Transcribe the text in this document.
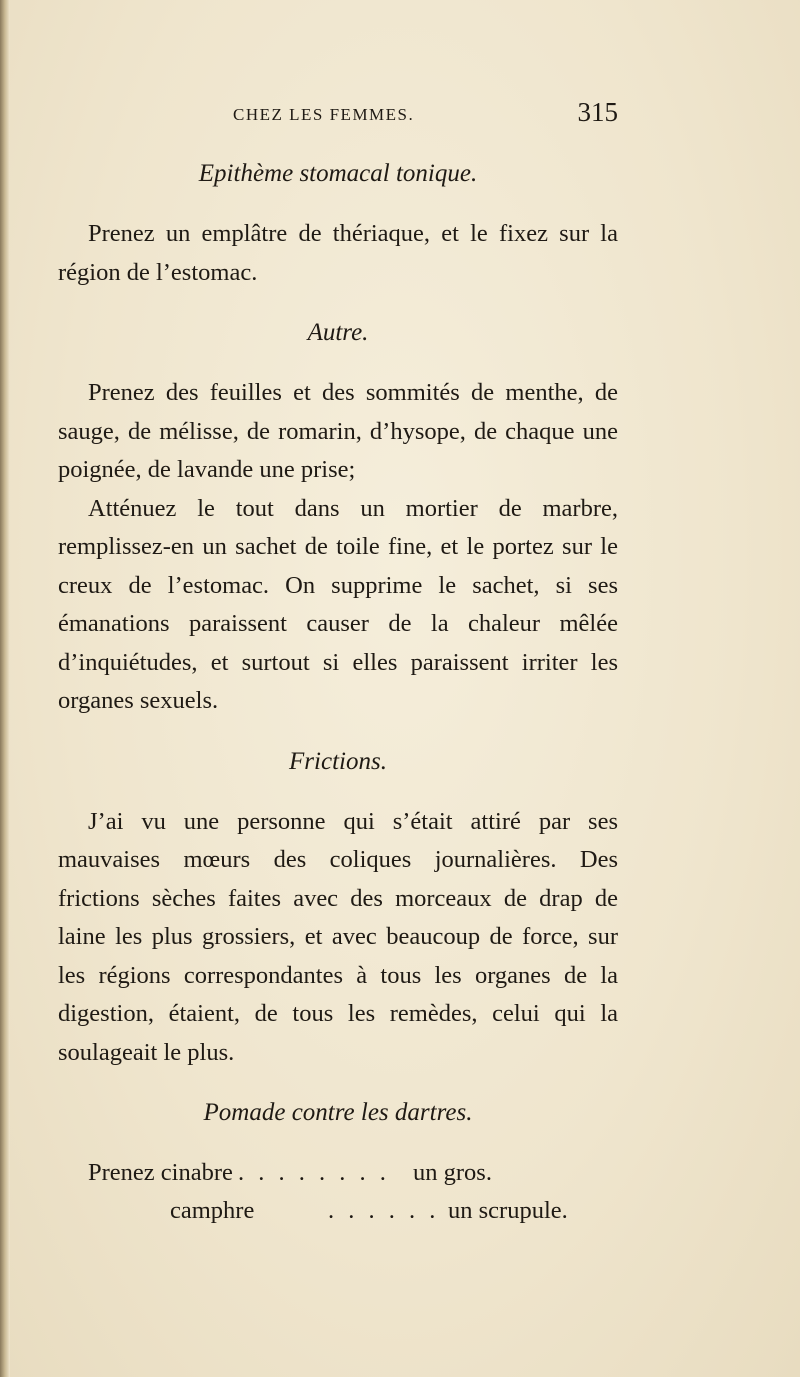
CHEZ LES FEMMES.	315

Epithème stomacal tonique.

Prenez un emplâtre de thériaque, et le fixez sur la région de l’estomac.

Autre.

Prenez des feuilles et des sommités de menthe, de sauge, de mélisse, de romarin, d’hysope, de chaque une poignée, de lavande une prise;

Atténuez le tout dans un mortier de marbre, remplissez-en un sachet de toile fine, et le portez sur le creux de l’estomac. On supprime le sachet, si ses émanations paraissent causer de la chaleur mêlée d’inquiétudes, et surtout si elles paraissent irriter les organes sexuels.

Frictions.

J’ai vu une personne qui s’était attiré par ses mauvaises mœurs des coliques journalières. Des frictions sèches faites avec des morceaux de drap de laine les plus grossiers, et avec beaucoup de force, sur les régions correspondantes à tous les organes de la digestion, étaient, de tous les remèdes, celui qui la soulageait le plus.

Pomade contre les dartres.

Prenez cinabre . . . . . . . . un gros.
camphre	. . . . . . un scrupule.
